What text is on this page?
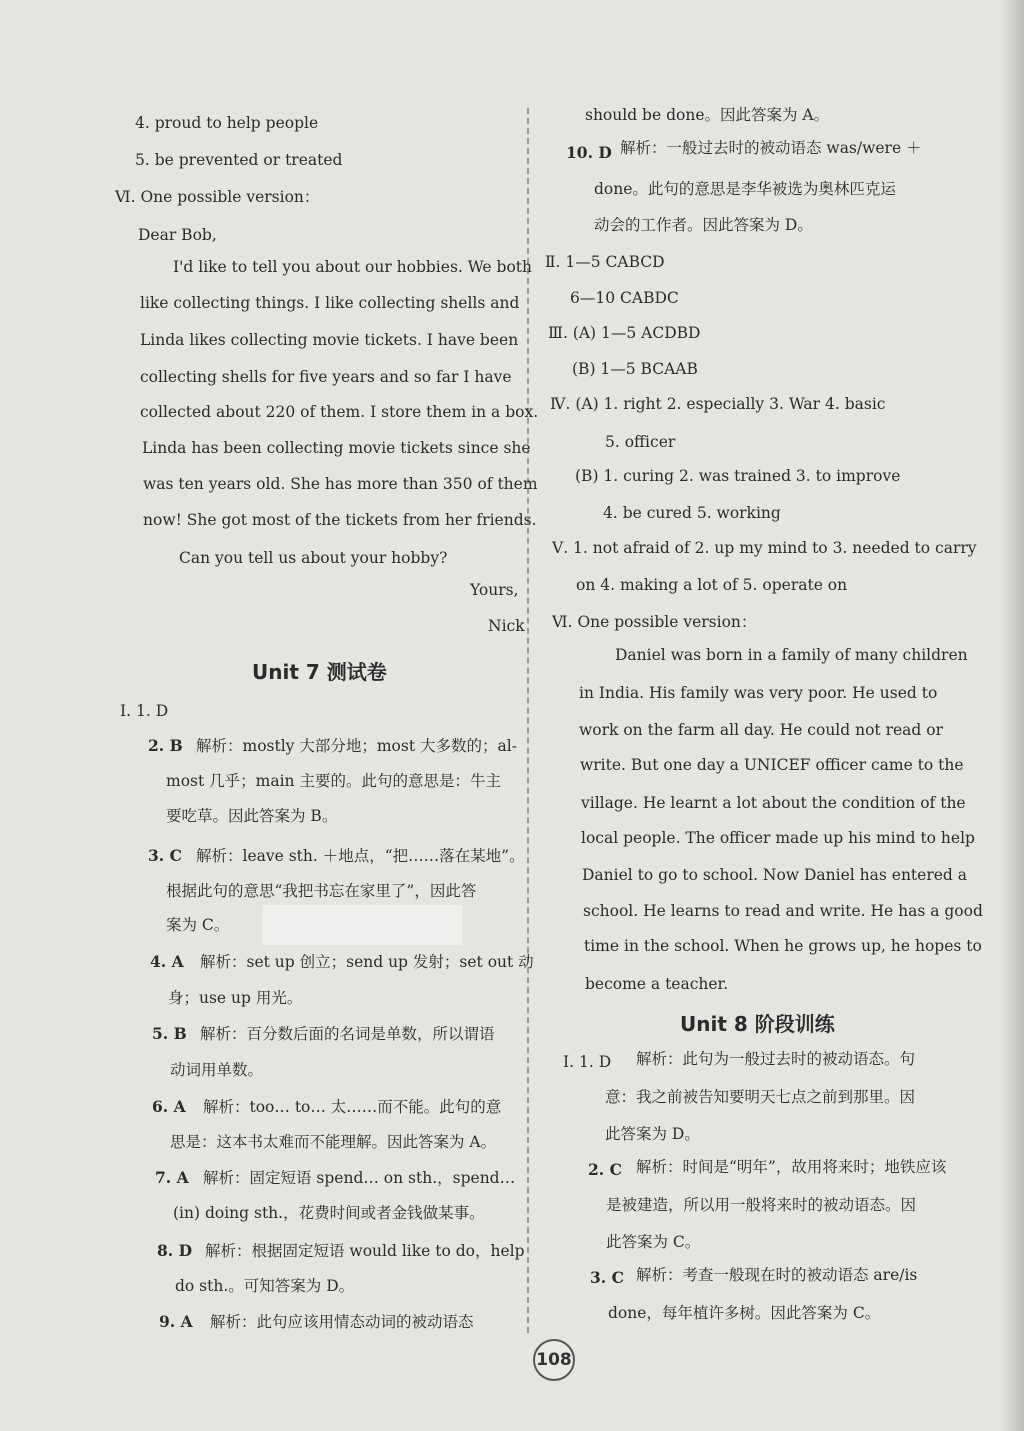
4. proud to help people
5. be prevented or treated
Ⅵ. One possible version：
Dear Bob,
I'd like to tell you about our hobbies. We both
like collecting things. I like collecting shells and
Linda likes collecting movie tickets. I have been
collecting shells for five years and so far I have
collected about 220 of them. I store them in a box.
Linda has been collecting movie tickets since she
was ten years old. She has more than 350 of them
now! She got most of the tickets from her friends.
Can you tell us about your hobby?
Yours,
Nick
Unit 7 测试卷
Ⅰ. 1. D
2. B 解析：mostly 大部分地；most 大多数的；al-
most 几乎；main 主要的。此句的意思是：牛主
要吃草。因此答案为 B。
3. C 解析：leave sth. ＋地点，“把……落在某地”。
根据此句的意思“我把书忘在家里了”，因此答
案为 C。
4. A 解析：set up 创立；send up 发射；set out 动
身；use up 用光。
5. B 解析：百分数后面的名词是单数，所以谓语
动词用单数。
6. A 解析：too… to… 太……而不能。此句的意
思是：这本书太难而不能理解。因此答案为 A。
7. A 解析：固定短语 spend… on sth.，spend…
(in) doing sth.，花费时间或者金钱做某事。
8. D 解析：根据固定短语 would like to do，help
do sth.。可知答案为 D。
9. A 解析：此句应该用情态动词的被动语态
should be done。因此答案为 A。
10. D 解析：一般过去时的被动语态 was/were ＋
done。此句的意思是李华被选为奥林匹克运
动会的工作者。因此答案为 D。
Ⅱ. 1—5 CABCD
6—10 CABDC
Ⅲ. (A) 1—5 ACDBD
(B) 1—5 BCAAB
Ⅳ. (A) 1. right 2. especially 3. War 4. basic
5. officer
(B) 1. curing 2. was trained 3. to improve
4. be cured 5. working
Ⅴ. 1. not afraid of 2. up my mind to 3. needed to carry
on 4. making a lot of 5. operate on
Ⅵ. One possible version：
Daniel was born in a family of many children
in India. His family was very poor. He used to
work on the farm all day. He could not read or
write. But one day a UNICEF officer came to the
village. He learnt a lot about the condition of the
local people. The officer made up his mind to help
Daniel to go to school. Now Daniel has entered a
school. He learns to read and write. He has a good
time in the school. When he grows up, he hopes to
become a teacher.
Unit 8 阶段训练
Ⅰ. 1. D 解析：此句为一般过去时的被动语态。句
意：我之前被告知要明天七点之前到那里。因
此答案为 D。
2. C 解析：时间是“明年”，故用将来时；地铁应该
是被建造，所以用一般将来时的被动语态。因
此答案为 C。
3. C 解析：考查一般现在时的被动语态 are/is
done，每年植许多树。因此答案为 C。
108
